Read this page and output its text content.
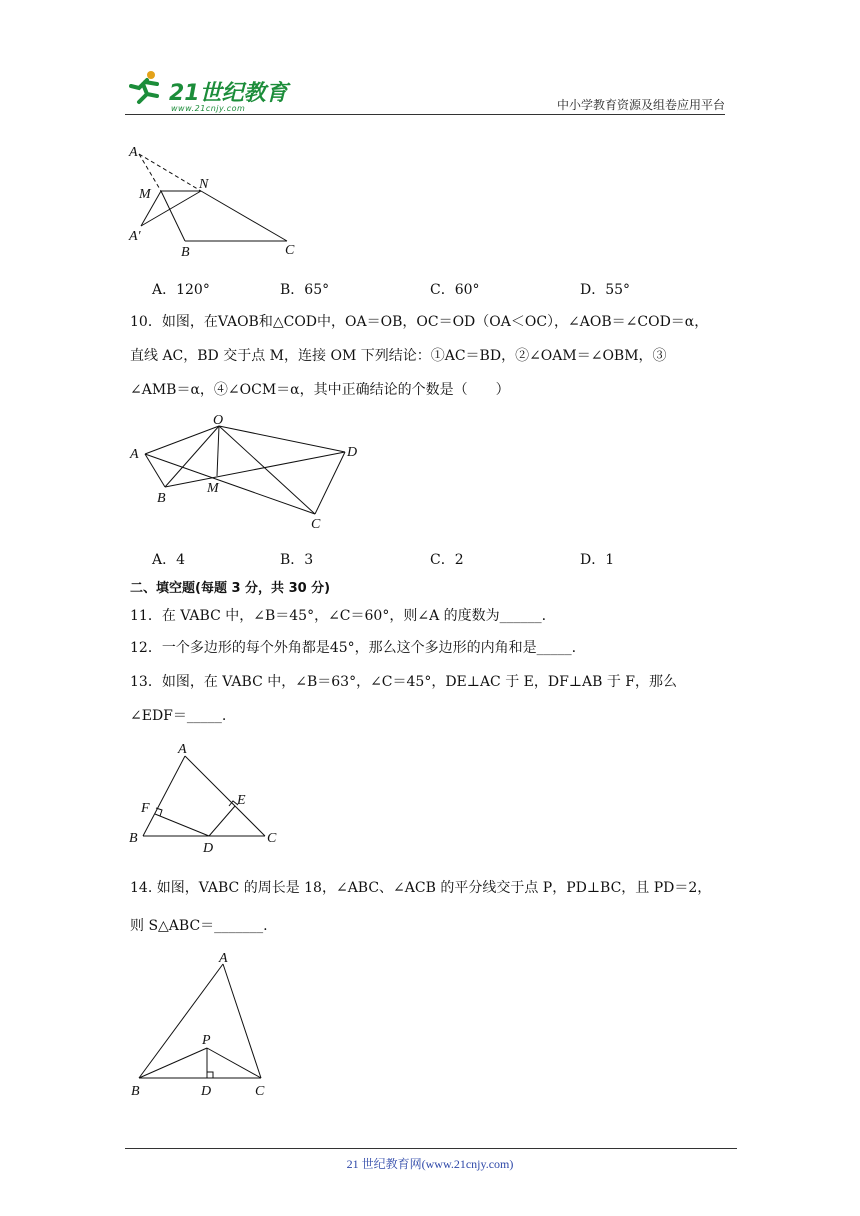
21世纪教育
www.21cnjy.com	中小学教育资源及组卷应用平台
A
M
N
A′
B	C
A．120°	B．65°	C．60°	D．55°
10．如图，在VAOB和△COD中，OA＝OB，OC＝OD（OA＜OC），∠AOB＝∠COD＝α，
直线 AC，BD 交于点 M，连接 OM 下列结论：①AC＝BD，②∠OAM＝∠OBM，③
∠AMB＝α，④∠OCM＝α，其中正确结论的个数是（　　）
O
A	D
B
M
C
A．4	B．3	C．2	D．1
二、填空题(每题 3 分，共 30 分)
11．在 VABC 中，∠B＝45°，∠C＝60°，则∠A 的度数为______.
12．一个多边形的每个外角都是45°，那么这个多边形的内角和是_____.
13．如图，在 VABC 中，∠B＝63°，∠C＝45°，DE⊥AC 于 E，DF⊥AB 于 F，那么
∠EDF＝_____.
A
F
E
B
D
C
14. 如图，VABC 的周长是 18，∠ABC、∠ACB 的平分线交于点 P，PD⊥BC，且 PD＝2，
则 S△ABC＝_______.
A
P
B	D	C
21 世纪教育网(www.21cnjy.com)
